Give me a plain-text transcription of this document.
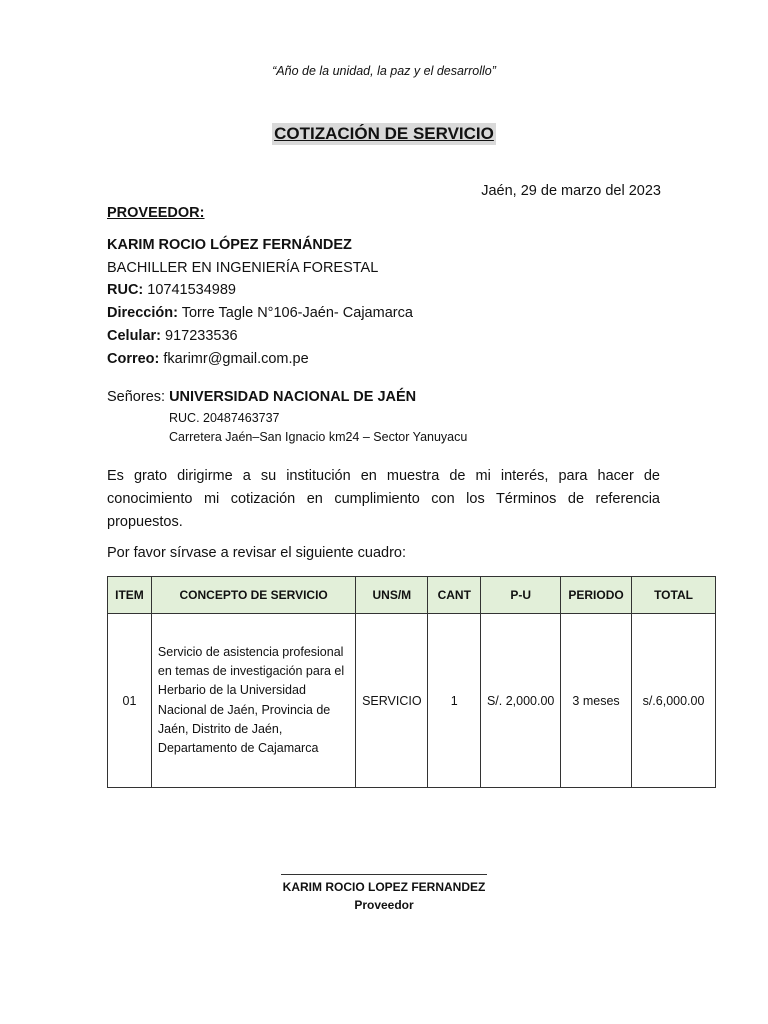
“Año de la unidad, la paz y el desarrollo”
COTIZACIÓN DE SERVICIO
Jaén, 29 de marzo del 2023
PROVEEDOR:
KARIM ROCIO LÓPEZ FERNÁNDEZ
BACHILLER EN INGENIERÍA FORESTAL
RUC: 10741534989
Dirección: Torre Tagle N°106-Jaén- Cajamarca
Celular: 917233536
Correo: fkarimr@gmail.com.pe
Señores: UNIVERSIDAD NACIONAL DE JAÉN
RUC. 20487463737
Carretera Jaén–San Ignacio km24 – Sector Yanuyacu
Es grato dirigirme a su institución en muestra de mi interés, para hacer de conocimiento mi cotización en cumplimiento con los Términos de referencia propuestos.
Por favor sírvase a revisar el siguiente cuadro:
ITEM	CONCEPTO DE SERVICIO	UNS/M	CANT	P-U	PERIODO	TOTAL
01	Servicio de asistencia profesional en temas de investigación para el Herbario de la Universidad Nacional de Jaén, Provincia de Jaén, Distrito de Jaén, Departamento de Cajamarca	SERVICIO	1	S/. 2,000.00	3 meses	s/.6,000.00
KARIM ROCIO LOPEZ FERNANDEZ
Proveedor
